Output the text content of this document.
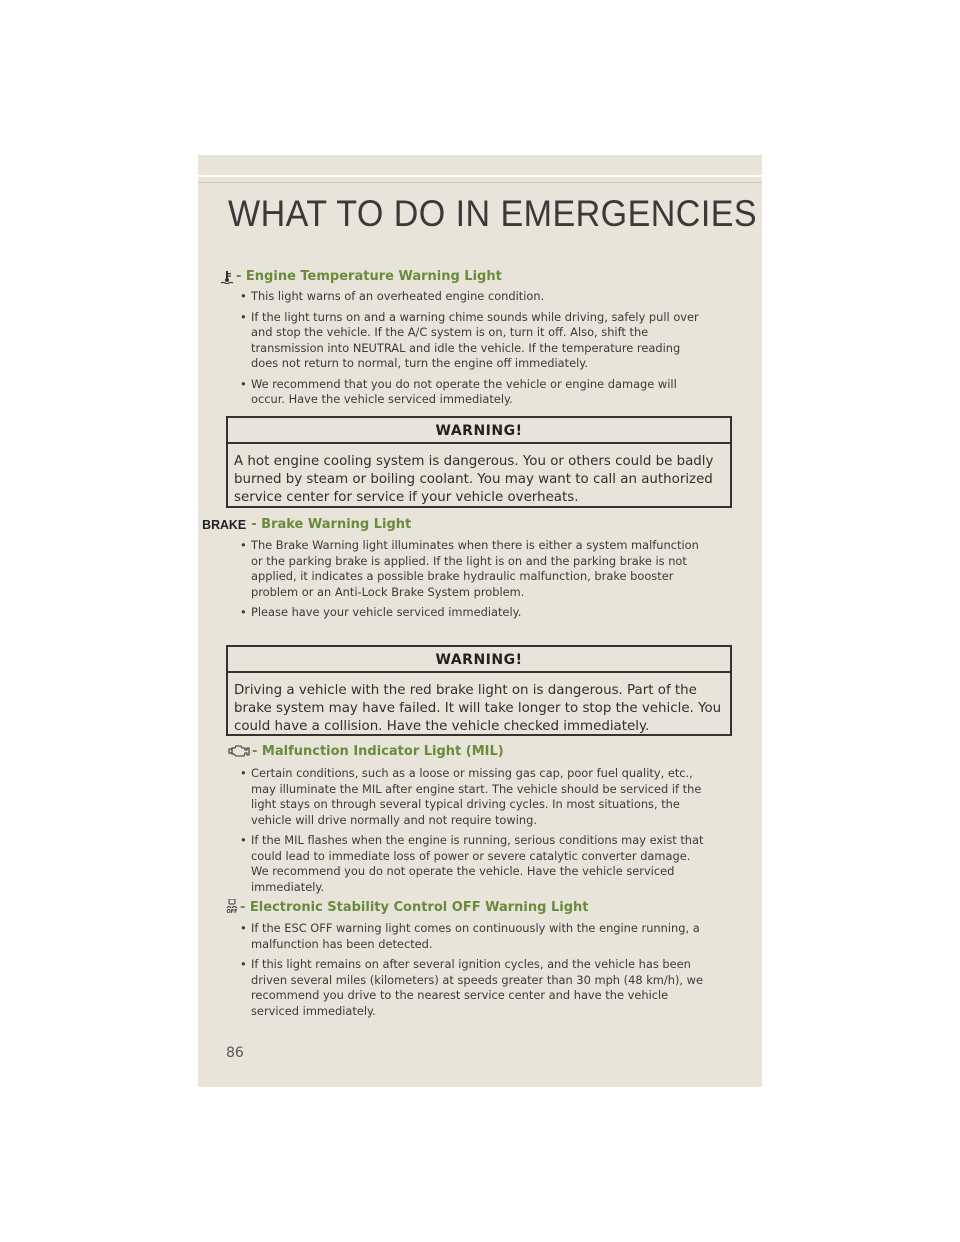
WHAT TO DO IN EMERGENCIES
- Engine Temperature Warning Light
• This light warns of an overheated engine condition.
• If the light turns on and a warning chime sounds while driving, safely pull over and stop the vehicle. If the A/C system is on, turn it off. Also, shift the transmission into NEUTRAL and idle the vehicle. If the temperature reading does not return to normal, turn the engine off immediately.
• We recommend that you do not operate the vehicle or engine damage will occur. Have the vehicle serviced immediately.
WARNING!
A hot engine cooling system is dangerous. You or others could be badly burned by steam or boiling coolant. You may want to call an authorized service center for service if your vehicle overheats.
BRAKE - Brake Warning Light
• The Brake Warning light illuminates when there is either a system malfunction or the parking brake is applied. If the light is on and the parking brake is not applied, it indicates a possible brake hydraulic malfunction, brake booster problem or an Anti-Lock Brake System problem.
• Please have your vehicle serviced immediately.
WARNING!
Driving a vehicle with the red brake light on is dangerous. Part of the brake system may have failed. It will take longer to stop the vehicle. You could have a collision. Have the vehicle checked immediately.
- Malfunction Indicator Light (MIL)
• Certain conditions, such as a loose or missing gas cap, poor fuel quality, etc., may illuminate the MIL after engine start. The vehicle should be serviced if the light stays on through several typical driving cycles. In most situations, the vehicle will drive normally and not require towing.
• If the MIL flashes when the engine is running, serious conditions may exist that could lead to immediate loss of power or severe catalytic converter damage. We recommend you do not operate the vehicle. Have the vehicle serviced immediately.
OFF - Electronic Stability Control OFF Warning Light
• If the ESC OFF warning light comes on continuously with the engine running, a malfunction has been detected.
• If this light remains on after several ignition cycles, and the vehicle has been driven several miles (kilometers) at speeds greater than 30 mph (48 km/h), we recommend you drive to the nearest service center and have the vehicle serviced immediately.
86
